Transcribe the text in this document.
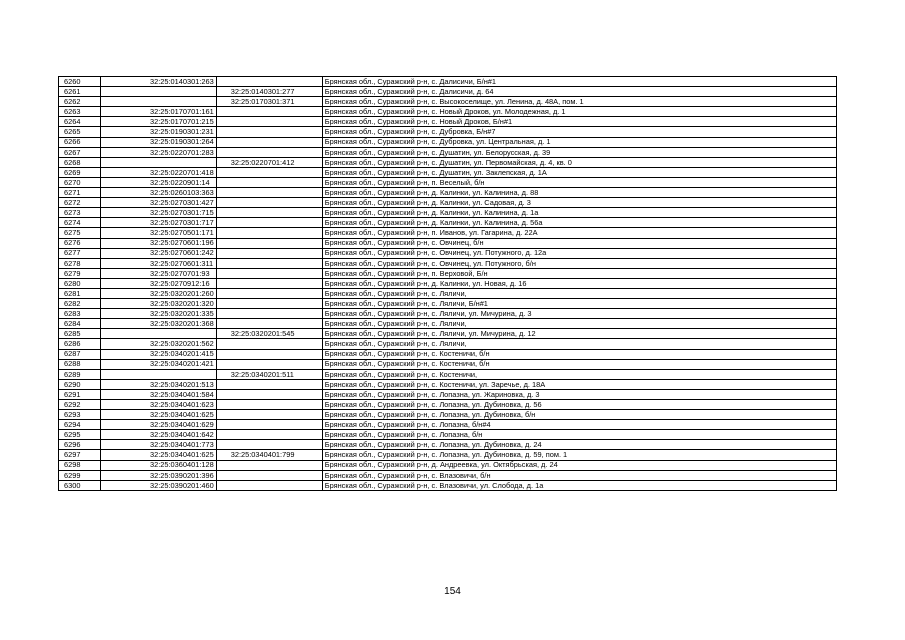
6260	32:25:0140301:263		Брянская обл., Суражский р-н, с. Далисичи, Б/н#1
6261		32:25:0140301:277	Брянская обл., Суражский р-н, с. Далисичи, д. 64
6262		32:25:0170301:371	Брянская обл., Суражский р-н, с. Высокоселище, ул. Ленина, д. 48А, пом. 1
6263	32:25:0170701:161		Брянская обл., Суражский р-н, с. Новый Дроков, ул. Молодежная, д. 1
6264	32:25:0170701:215		Брянская обл., Суражский р-н, с. Новый Дроков, Б/н#1
6265	32:25:0190301:231		Брянская обл., Суражский р-н, с. Дубровка, Б/н#7
6266	32:25:0190301:264		Брянская обл., Суражский р-н, с. Дубровка, ул. Центральная, д. 1
6267	32:25:0220701:283		Брянская обл., Суражский р-н, с. Душатин, ул. Белорусская, д. 39
6268		32:25:0220701:412	Брянская обл., Суражский р-н, с. Душатин, ул. Первомайская, д. 4, кв. 0
6269	32:25:0220701:418		Брянская обл., Суражский р-н, с. Душатин, ул. Заклепская, д. 1А
6270	32:25:0220901:14		Брянская обл., Суражский р-н, п. Веселый, б/н
6271	32:25:0260103:363		Брянская обл., Суражский р-н, д. Калинки, ул. Калинина, д. 88
6272	32:25:0270301:427		Брянская обл., Суражский р-н, д. Калинки, ул. Садовая, д. 3
6273	32:25:0270301:715		Брянская обл., Суражский р-н, д. Калинки, ул. Калинина, д. 1а
6274	32:25:0270301:717		Брянская обл., Суражский р-н, д. Калинки, ул. Калинина, д. 56а
6275	32:25:0270501:171		Брянская обл., Суражский р-н, п. Иванов, ул. Гагарина, д. 22А
6276	32:25:0270601:196		Брянская обл., Суражский р-н, с. Овчинец, б/н
6277	32:25:0270601:242		Брянская обл., Суражский р-н, с. Овчинец, ул. Потужного, д. 12а
6278	32:25:0270601:311		Брянская обл., Суражский р-н, с. Овчинец, ул. Потужного, б/н
6279	32:25:0270701:93		Брянская обл., Суражский р-н, п. Верховой, Б/н
6280	32:25:0270912:16		Брянская обл., Суражский р-н, д. Калинки, ул. Новая, д. 16
6281	32:25:0320201:260		Брянская обл., Суражский р-н, с. Ляличи,
6282	32:25:0320201:320		Брянская обл., Суражский р-н, с. Ляличи, Б/н#1
6283	32:25:0320201:335		Брянская обл., Суражский р-н, с. Ляличи, ул. Мичурина, д. 3
6284	32:25:0320201:368		Брянская обл., Суражский р-н, с. Ляличи,
6285		32:25:0320201:545	Брянская обл., Суражский р-н, с. Ляличи, ул. Мичурина, д. 12
6286	32:25:0320201:562		Брянская обл., Суражский р-н, с. Ляличи,
6287	32:25:0340201:415		Брянская обл., Суражский р-н, с. Костеничи, б/н
6288	32:25:0340201:421		Брянская обл., Суражский р-н, с. Костеничи, б/н
6289		32:25:0340201:511	Брянская обл., Суражский р-н, с. Костеничи,
6290	32:25:0340201:513		Брянская обл., Суражский р-н, с. Костеничи, ул. Заречье, д. 18А
6291	32:25:0340401:584		Брянская обл., Суражский р-н, с. Лопазна, ул. Жариновка, д. 3
6292	32:25:0340401:623		Брянская обл., Суражский р-н, с. Лопазна, ул. Дубиновка, д. 56
6293	32:25:0340401:625		Брянская обл., Суражский р-н, с. Лопазна, ул. Дубиновка, б/н
6294	32:25:0340401:629		Брянская обл., Суражский р-н, с. Лопазна, б/н#4
6295	32:25:0340401:642		Брянская обл., Суражский р-н, с. Лопазна, б/н
6296	32:25:0340401:773		Брянская обл., Суражский р-н, с. Лопазна, ул. Дубиновка, д. 24
6297	32:25:0340401:625	32:25:0340401:799	Брянская обл., Суражский р-н, с. Лопазна, ул. Дубиновка, д. 59, пом. 1
6298	32:25:0360401:128		Брянская обл., Суражский р-н, д. Андреевка, ул. Октябрьская, д. 24
6299	32:25:0390201:396		Брянская обл., Суражский р-н, с. Влазовичи, б/н
6300	32:25:0390201:460		Брянская обл., Суражский р-н, с. Влазовичи, ул. Слобода, д. 1а
154
